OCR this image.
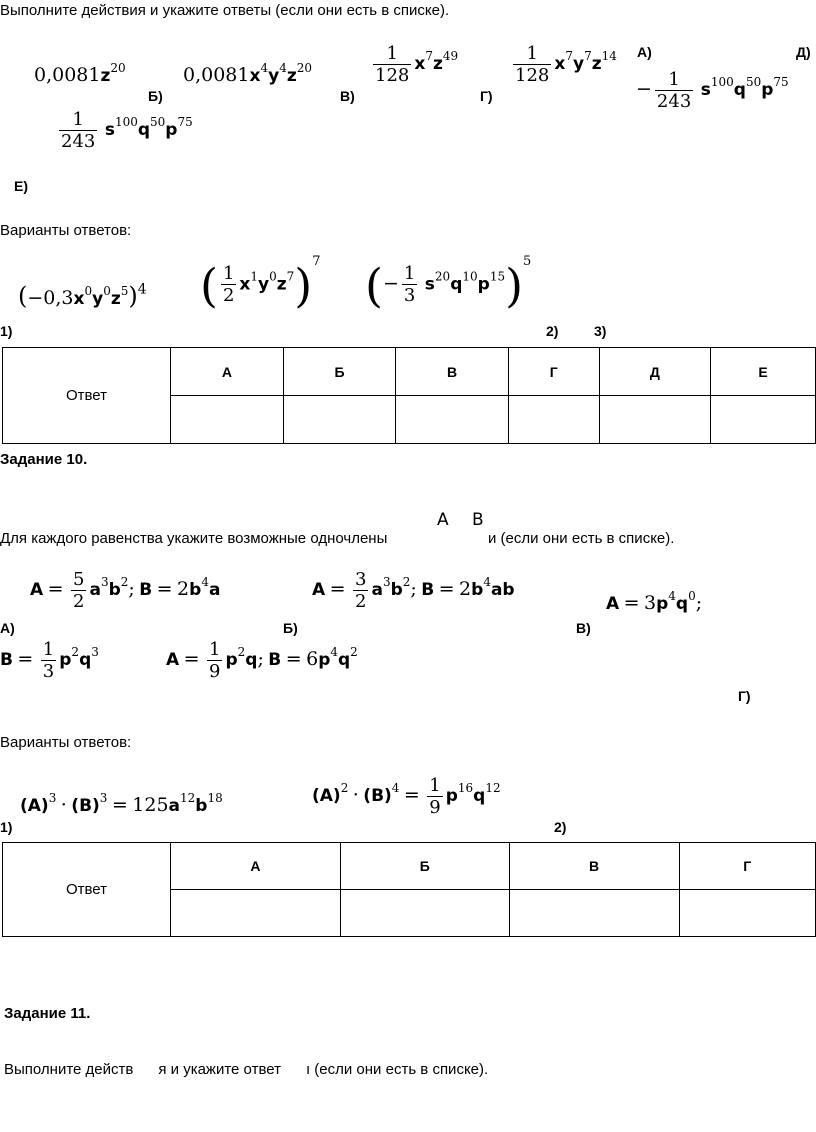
Выполните действия и укажите ответы (если они есть в списке).
$0,0081z^{20}$	$0,0081x^4y^4z^{20}$	$\frac{1}{128} x^7z^{49}$	$\frac{1}{128} x^7y^7z^{14}$
− $\frac{1}{243} s^{100}q^{50}p^{75}$
$\frac{1}{243} s^{100}q^{50}p^{75}$
А)
Б)	В)	Г)
Д)
Е)
Варианты ответов:
$(-0,3x^0y^0z^5)^4$ ( $\frac{1}{2} x^1y^0z^7)^7$ (− $\frac{1}{3} s^{20}q^{10}p^{15})^5$
1)	2)	3)
Ответ	А	Б	В	Г	Д	Е

Задание 10.
A B
Для каждого равенства укажите возможные одночлены	и (если они есть в списке).
$A = \frac{5}{2} a^3b^2$; $B = 2b^4a$	$A = \frac{3}{2} a^3b^2$; $B = 2b^4ab$
$A = 3p^4q^0$;
$B = \frac{1}{3} p^2q^3$	$A = \frac{1}{9} p^2q$; $B = 6p^4q^2$
А)	Б)	В)
Г)
Варианты ответов:
$(A)^3 \cdot (B)^3 = 125a^{12}b^{18}$	$(A)^2 \cdot (B)^4 = \frac{1}{9} p^{16}q^{12}$
1)	2)
Ответ	А	Б	В	Г

Задание 11.
Выполните действ      я и укажите ответ      ı (если они есть в списке).
